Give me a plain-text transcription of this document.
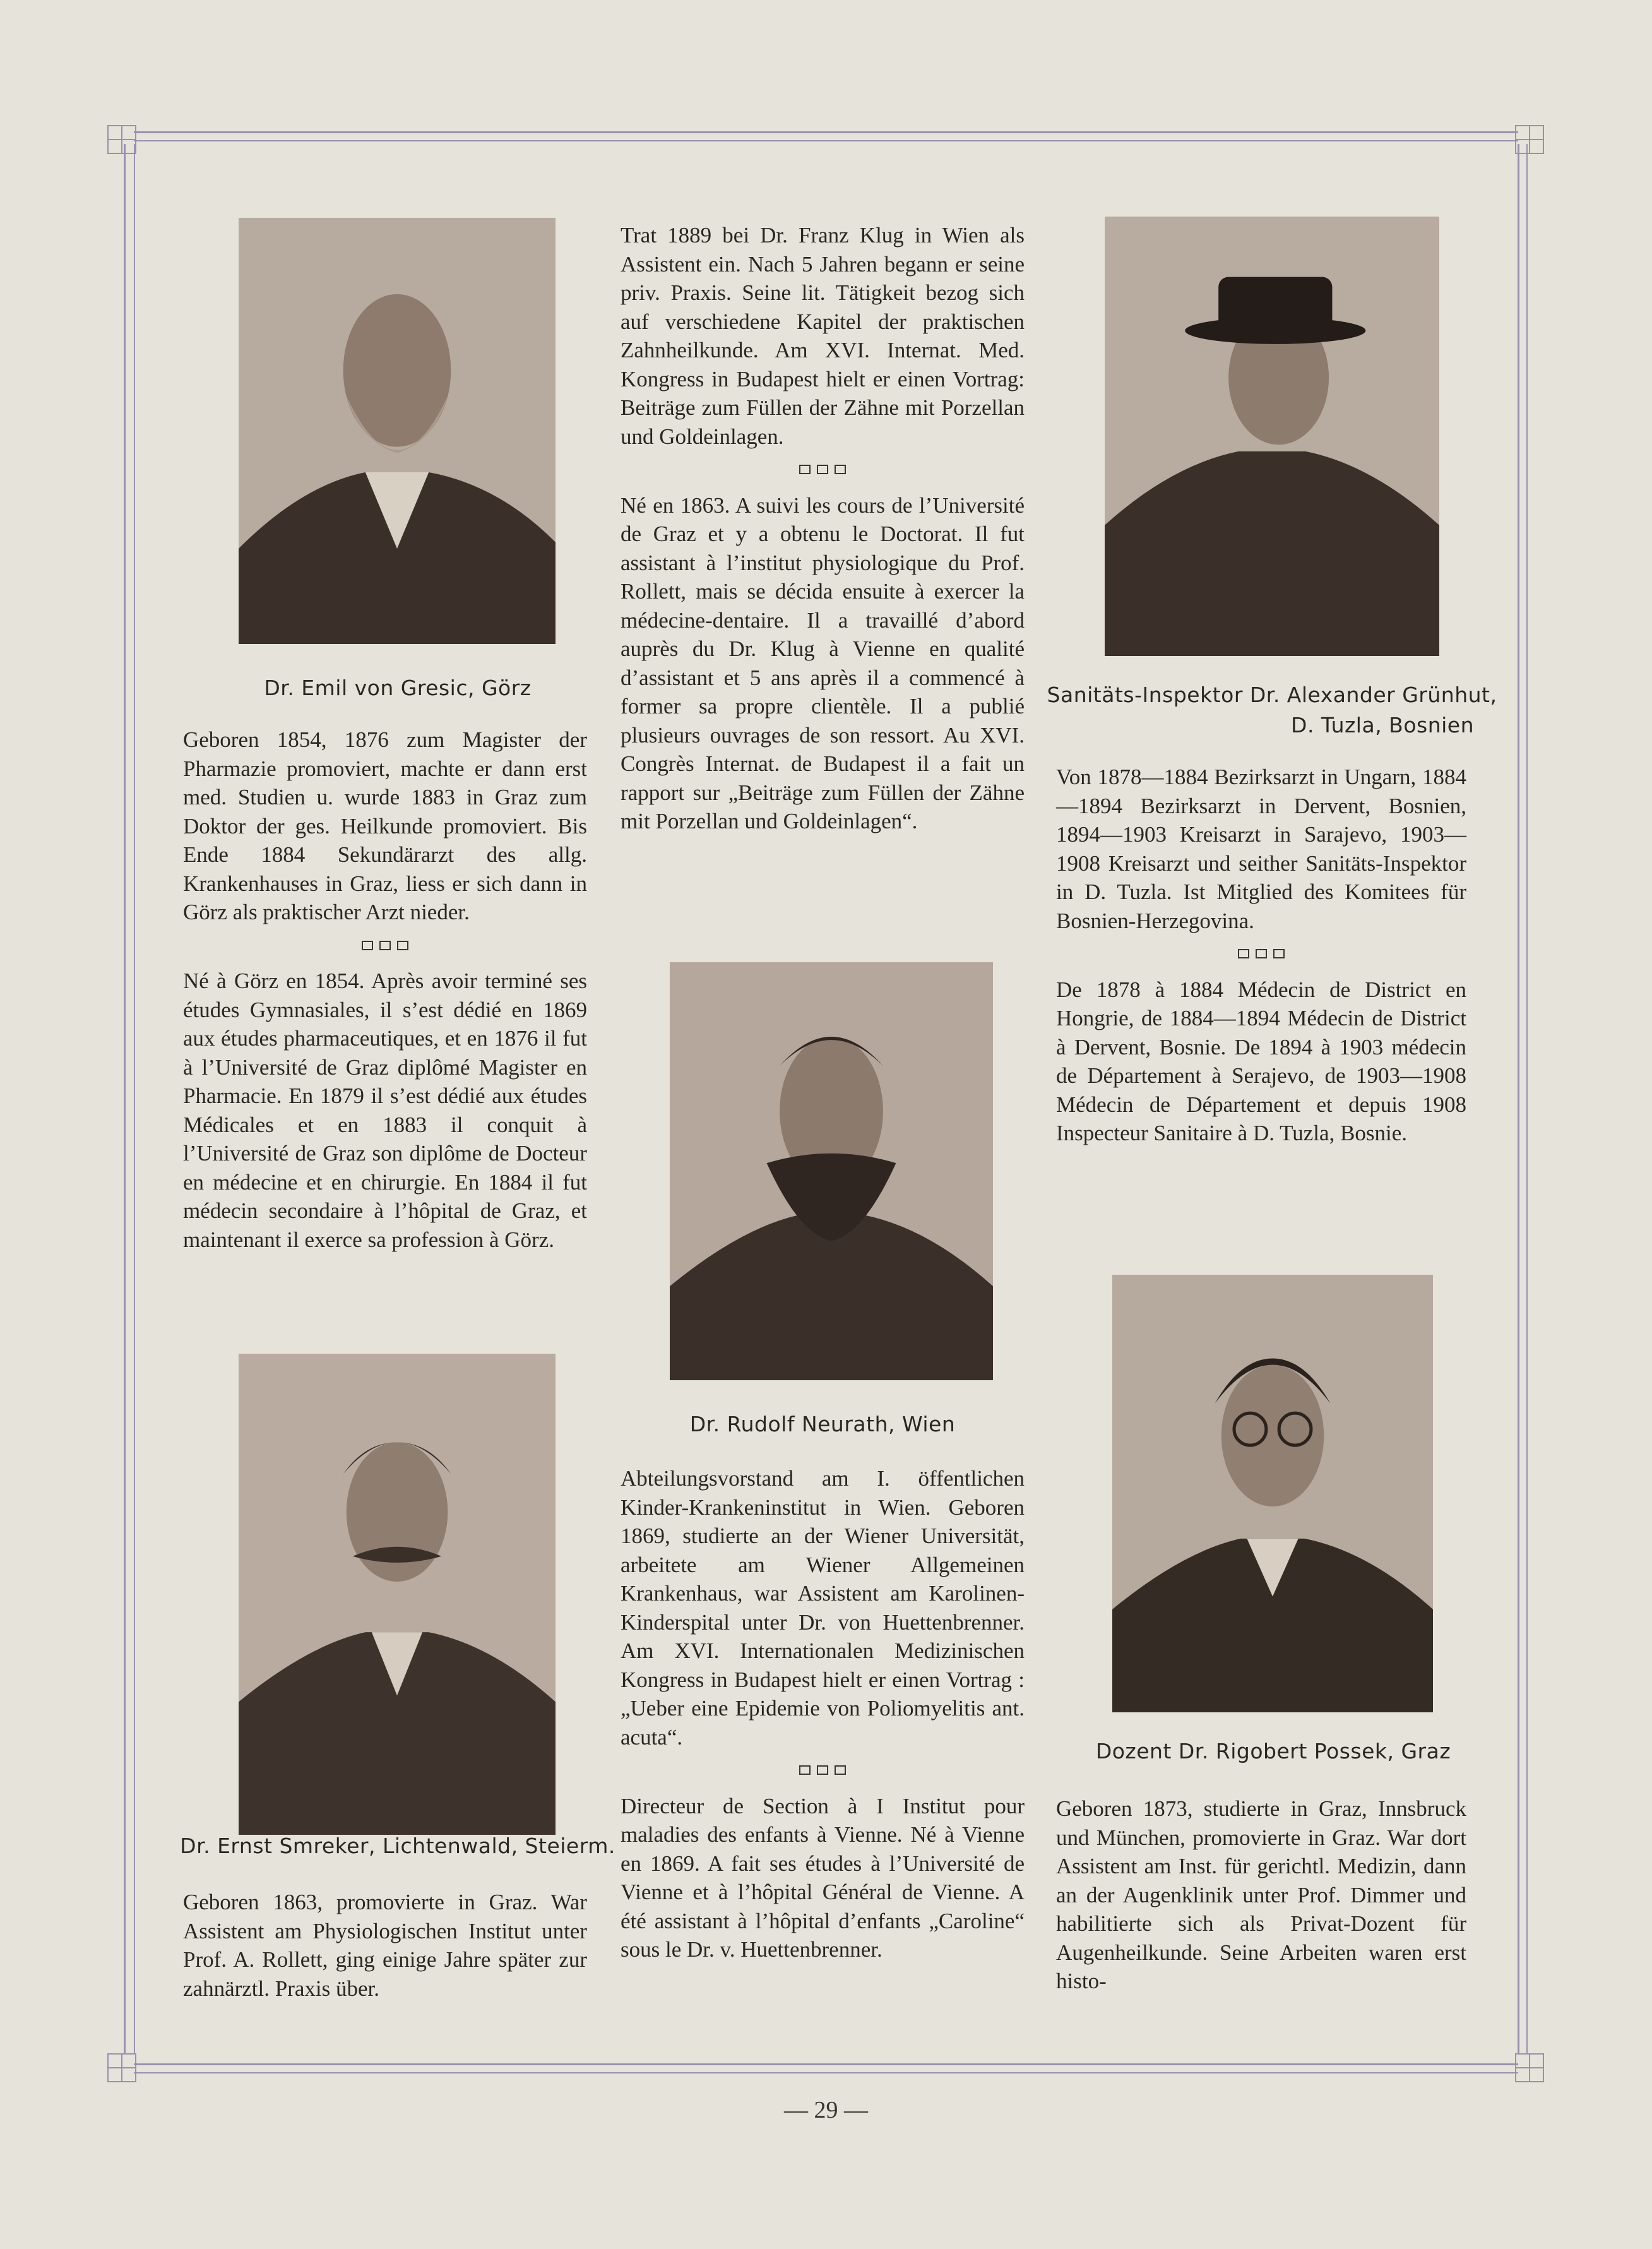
Dr. Emil von Gresic, Görz

Geboren 1854, 1876 zum Magister der Pharmazie promoviert, machte er dann erst med. Studien u. wurde 1883 in Graz zum Doktor der ges. Heilkunde promoviert. Bis Ende 1884 Sekundärarzt des allg. Krankenhauses in Graz, liess er sich dann in Görz als praktischer Arzt nieder.

Né à Görz en 1854. Après avoir terminé ses études Gymnasiales, il s’est dédié en 1869 aux études pharmaceutiques, et en 1876 il fut à l’Université de Graz diplômé Magister en Pharmacie. En 1879 il s’est dédié aux études Médicales et en 1883 il conquit à l’Université de Graz son diplôme de Docteur en médecine et en chirurgie. En 1884 il fut médecin secondaire à l’hôpital de Graz, et maintenant il exerce sa profession à Görz.

Dr. Ernst Smreker, Lichtenwald, Steierm.
Geboren 1863, promovierte in Graz. War Assistent am Physiologischen Institut unter Prof. A. Rollett, ging einige Jahre später zur zahnärztl. Praxis über.

Trat 1889 bei Dr. Franz Klug in Wien als Assistent ein. Nach 5 Jahren begann er seine priv. Praxis. Seine lit. Tätigkeit bezog sich auf verschiedene Kapitel der praktischen Zahnheilkunde. Am XVI. Internat. Med. Kongress in Budapest hielt er einen Vortrag: Beiträge zum Füllen der Zähne mit Porzellan und Goldeinlagen.

Né en 1863. A suivi les cours de l’Université de Graz et y a obtenu le Doctorat. Il fut assistant à l’institut physiologique du Prof. Rollett, mais se décida ensuite à exercer la médecine-dentaire. Il a travaillé d’abord auprès du Dr. Klug à Vienne en qualité d’assistant et 5 ans après il a commencé à former sa propre clientèle. Il a publié plusieurs ouvrages de son ressort. Au XVI. Congrès Internat. de Budapest il a fait un rapport sur „Beiträge zum Füllen der Zähne mit Porzellan und Goldeinlagen“.

Dr. Rudolf Neurath, Wien

Abteilungsvorstand am I. öffentlichen Kinder-Krankeninstitut in Wien. Geboren 1869, studierte an der Wiener Universität, arbeitete am Wiener Allgemeinen Krankenhaus, war Assistent am Karolinen-Kinderspital unter Dr. von Huettenbrenner. Am XVI. Internationalen Medizinischen Kongress in Budapest hielt er einen Vortrag : „Ueber eine Epidemie von Poliomyelitis ant. acuta“.

Directeur de Section à I Institut pour maladies des enfants à Vienne. Né à Vienne en 1869. A fait ses études à l’Université de Vienne et à l’hôpital Général de Vienne. A été assistant à l’hôpital d’enfants „Caroline“ sous le Dr. v. Huettenbrenner.

Sanitäts-Inspektor Dr. Alexander Grünhut,
D. Tuzla, Bosnien

Von 1878—1884 Bezirksarzt in Ungarn, 1884—1894 Bezirksarzt in Dervent, Bosnien, 1894—1903 Kreisarzt in Sarajevo, 1903—1908 Kreisarzt und seither Sanitäts-Inspektor in D. Tuzla. Ist Mitglied des Komitees für Bosnien-Herzegovina.

De 1878 à 1884 Médecin de District en Hongrie, de 1884—1894 Médecin de District à Dervent, Bosnie. De 1894 à 1903 médecin de Département à Serajevo, de 1903—1908 Médecin de Département et depuis 1908 Inspecteur Sanitaire à D. Tuzla, Bosnie.

Dozent Dr. Rigobert Possek, Graz
Geboren 1873, studierte in Graz, Innsbruck und München, promovierte in Graz. War dort Assistent am Inst. für gerichtl. Medizin, dann an der Augenklinik unter Prof. Dimmer und habilitierte sich als Privat-Dozent für Augenheilkunde. Seine Arbeiten waren erst histo-
— 29 —
